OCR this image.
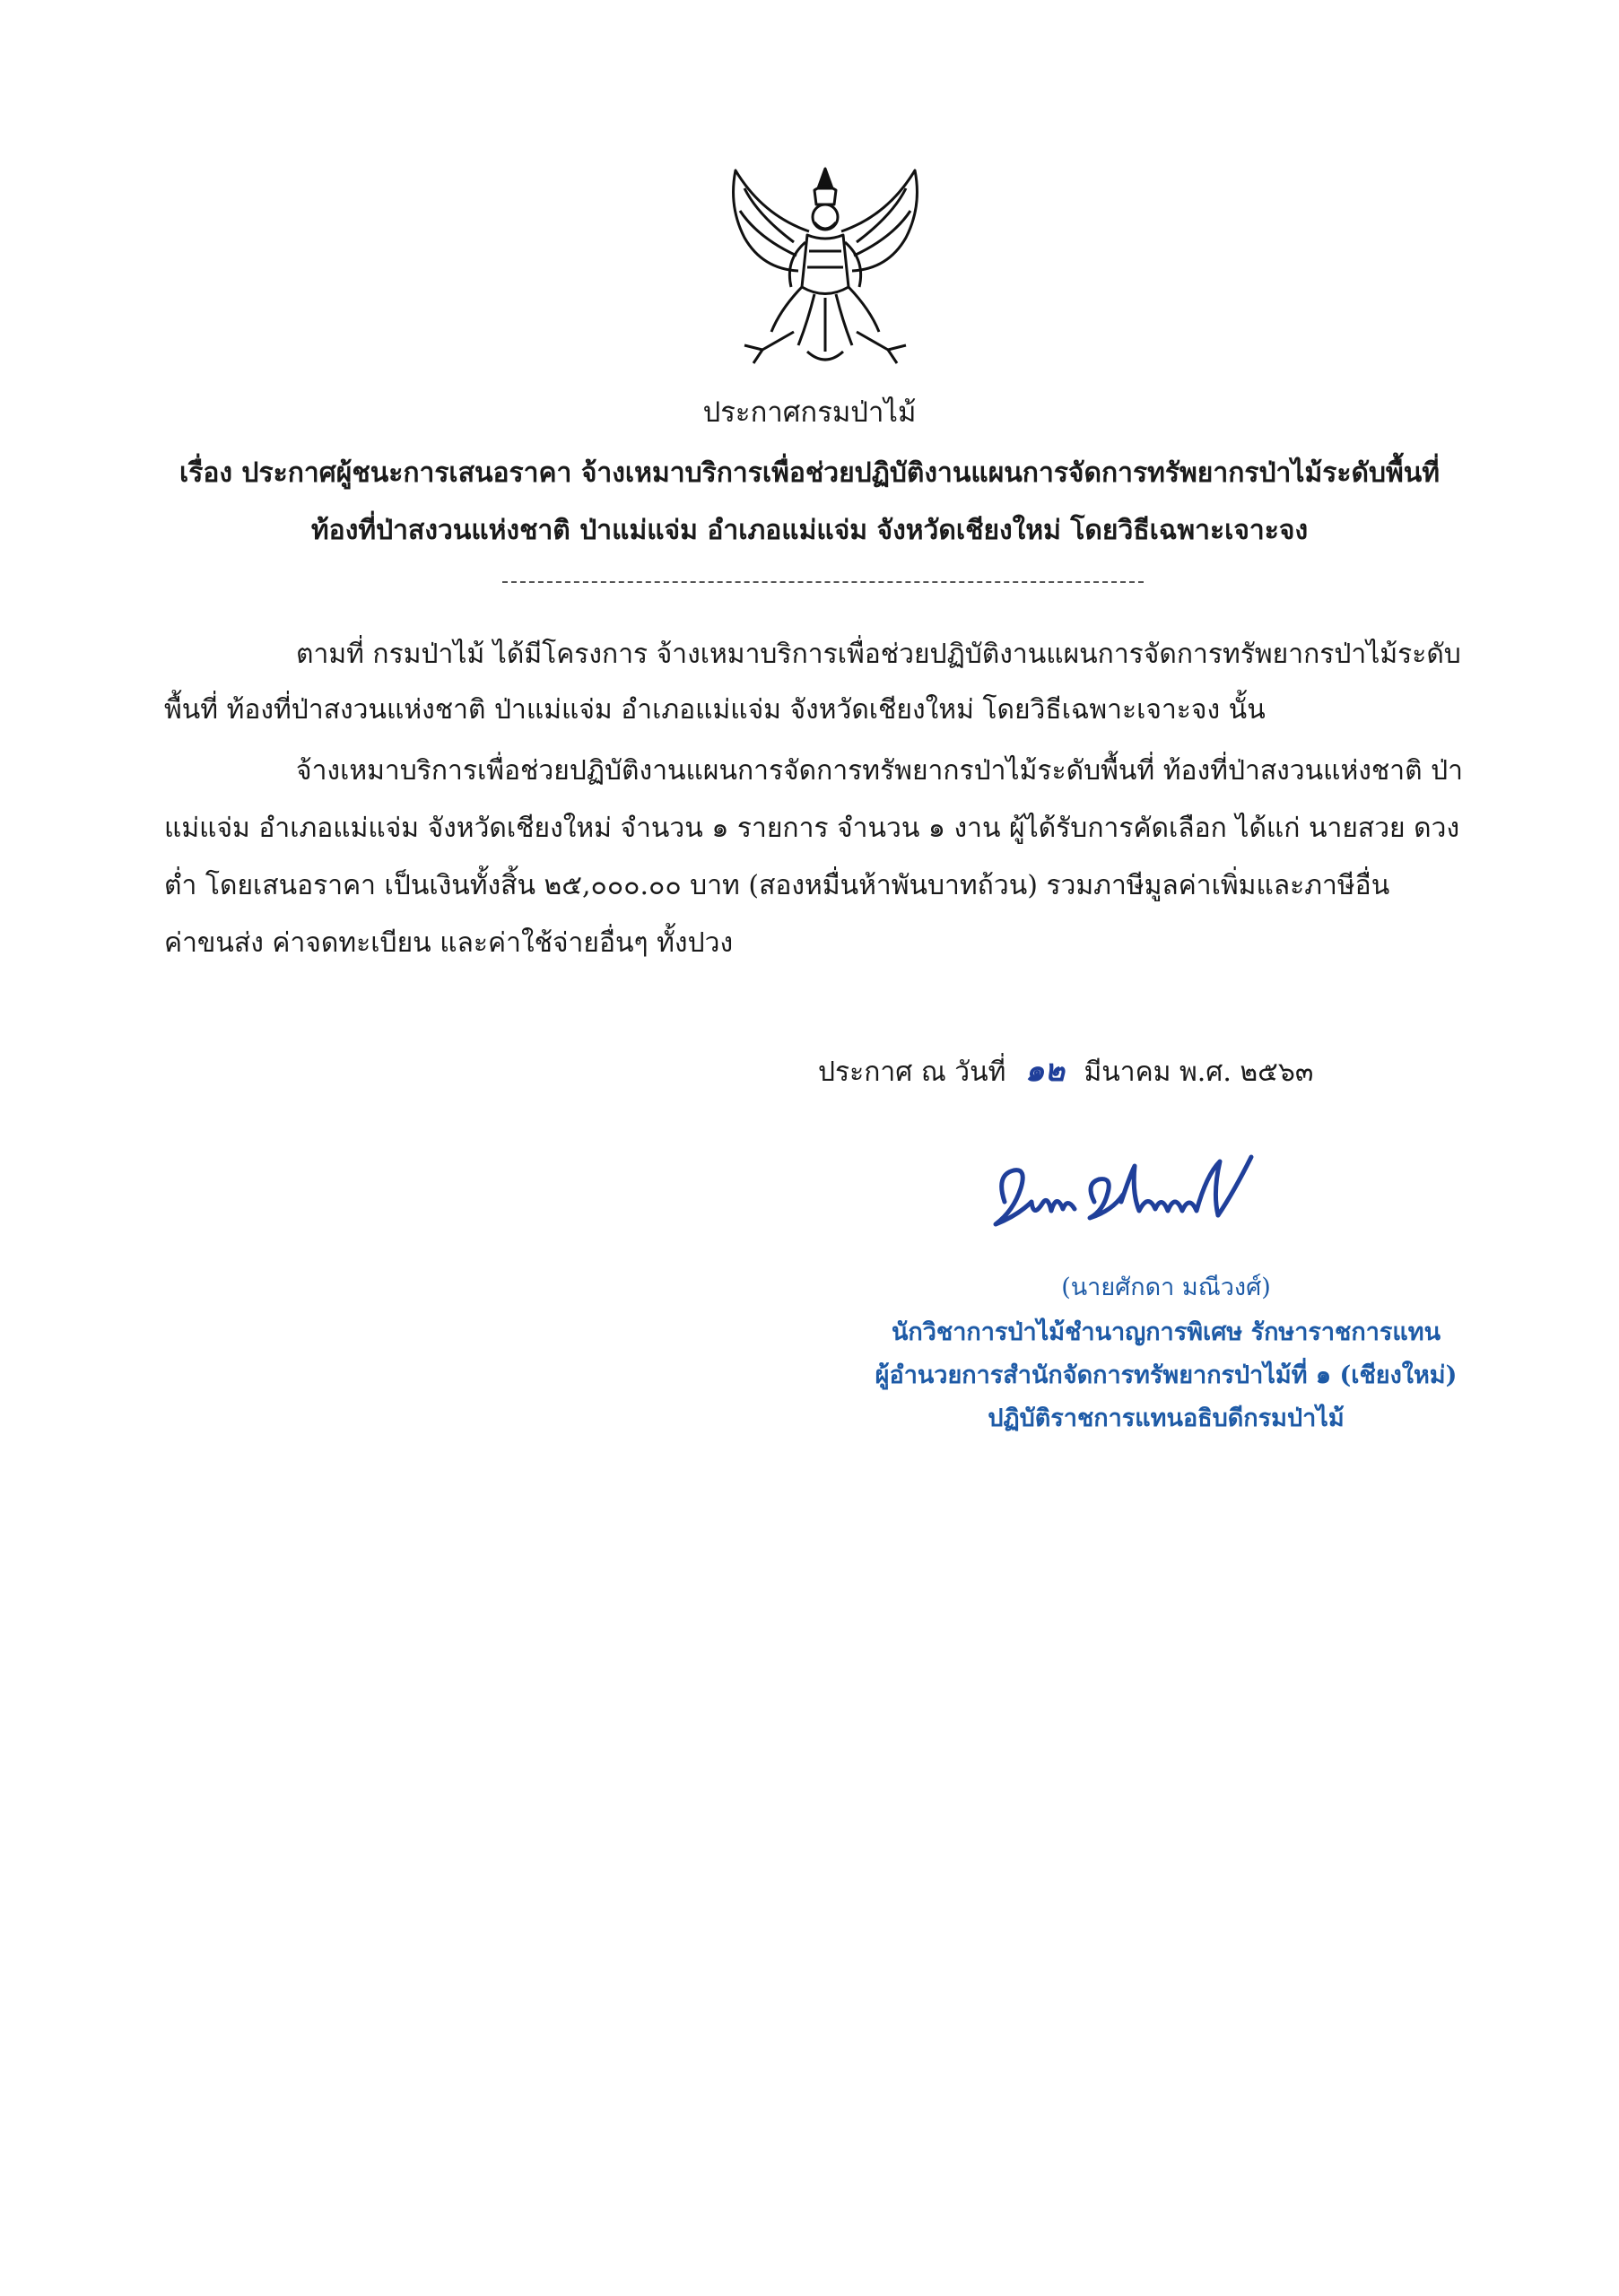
ประกาศกรมป่าไม้
เรื่อง ประกาศผู้ชนะการเสนอราคา จ้างเหมาบริการเพื่อช่วยปฏิบัติงานแผนการจัดการทรัพยากรป่าไม้ระดับพื้นที่
ท้องที่ป่าสงวนแห่งชาติ ป่าแม่แจ่ม อำเภอแม่แจ่ม จังหวัดเชียงใหม่ โดยวิธีเฉพาะเจาะจง
ตามที่ กรมป่าไม้ ได้มีโครงการ จ้างเหมาบริการเพื่อช่วยปฏิบัติงานแผนการจัดการทรัพยากรป่าไม้ระดับ
พื้นที่ ท้องที่ป่าสงวนแห่งชาติ ป่าแม่แจ่ม อำเภอแม่แจ่ม จังหวัดเชียงใหม่ โดยวิธีเฉพาะเจาะจง นั้น
จ้างเหมาบริการเพื่อช่วยปฏิบัติงานแผนการจัดการทรัพยากรป่าไม้ระดับพื้นที่ ท้องที่ป่าสงวนแห่งชาติ ป่า
แม่แจ่ม อำเภอแม่แจ่ม จังหวัดเชียงใหม่ จำนวน ๑ รายการ จำนวน ๑ งาน ผู้ได้รับการคัดเลือก ได้แก่ นายสวย ดวง
ต่ำ โดยเสนอราคา เป็นเงินทั้งสิ้น ๒๕,๐๐๐.๐๐ บาท (สองหมื่นห้าพันบาทถ้วน) รวมภาษีมูลค่าเพิ่มและภาษีอื่น
ค่าขนส่ง ค่าจดทะเบียน และค่าใช้จ่ายอื่นๆ ทั้งปวง
ประกาศ ณ วันที่ ๑๒ มีนาคม พ.ศ. ๒๕๖๓
(นายศักดา มณีวงศ์)
นักวิชาการป่าไม้ชำนาญการพิเศษ รักษาราชการแทน
ผู้อำนวยการสำนักจัดการทรัพยากรป่าไม้ที่ ๑ (เชียงใหม่)
ปฏิบัติราชการแทนอธิบดีกรมป่าไม้
